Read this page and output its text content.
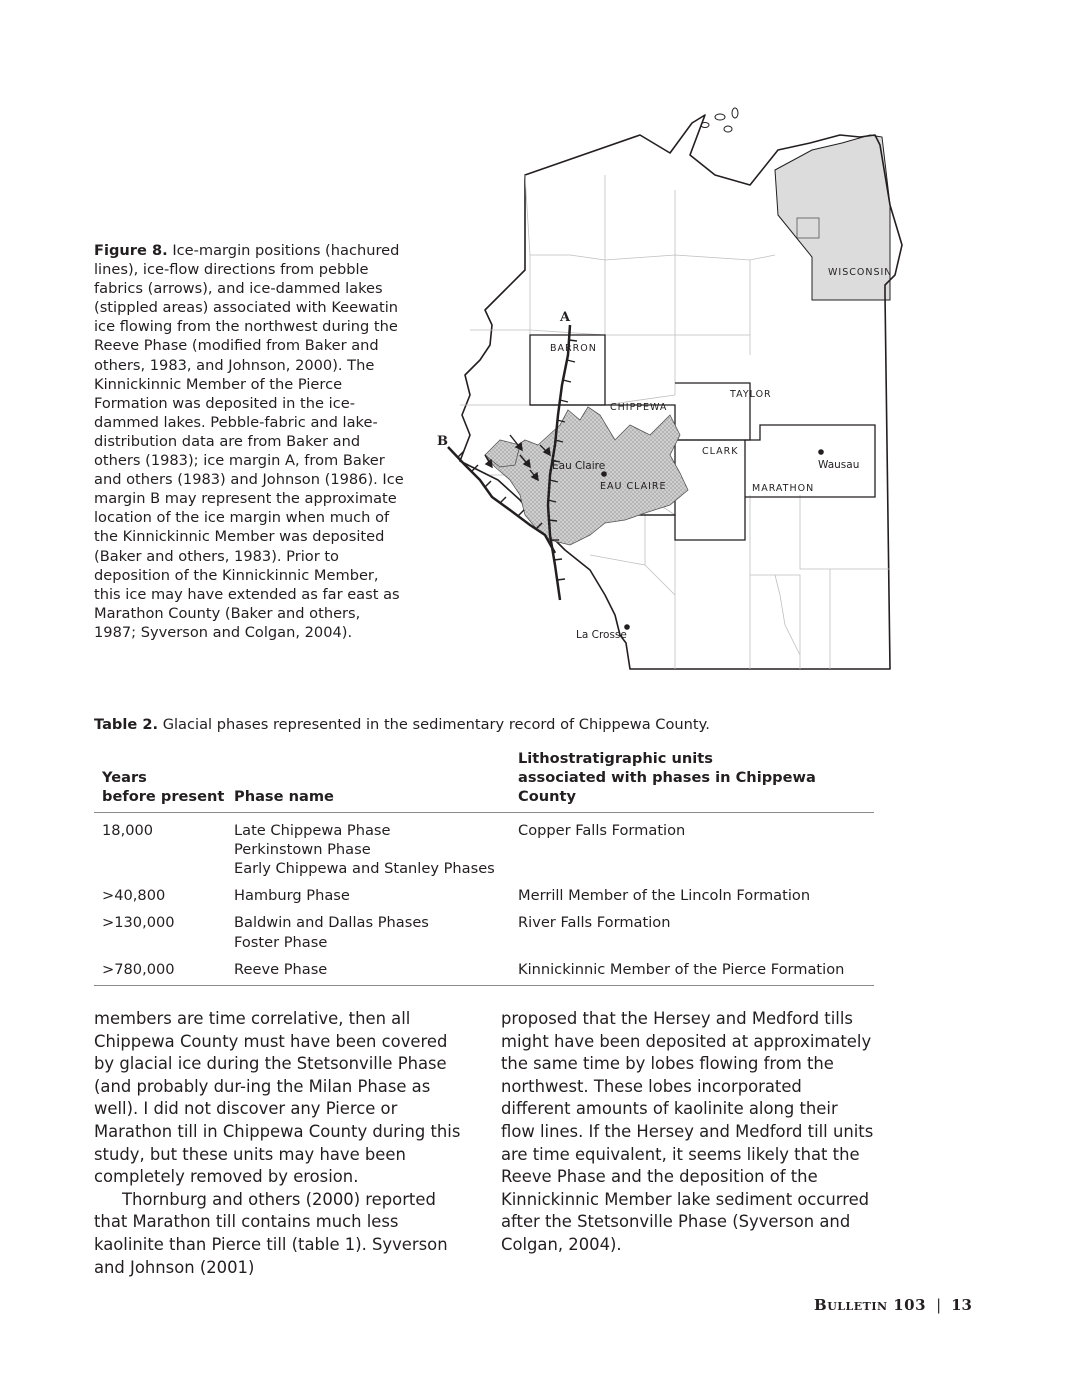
Figure 8. Ice-margin positions (hachured lines), ice-flow directions from pebble fabrics (arrows), and ice-dammed lakes (stippled areas) associated with Keewatin ice flowing from the northwest during the Reeve Phase (modified from Baker and others, 1983, and Johnson, 2000). The Kinnickinnic Member of the Pierce Formation was deposited in the ice-dammed lakes. Pebble-fabric and lake-distribution data are from Baker and others (1983); ice margin A, from Baker and others (1983) and Johnson (1986). Ice margin B may represent the approximate location of the ice margin when much of the Kinnickinnic Member was deposited (Baker and others, 1983). Prior to deposition of the Kinnickinnic Member, this ice may have extended as far east as Marathon County (Baker and others, 1987; Syverson and Colgan, 2004).
WISCONSIN
BARRON
CHIPPEWA
TAYLOR
CLARK
EAU CLAIRE	MARATHON
Eau Claire	Wausau
La Crosse
A
B
Table 2. Glacial phases represented in the sedimentary record of Chippewa County.
Years
before present	Phase name	Lithostratigraphic units
associated with phases in Chippewa County
18,000	Late Chippewa Phase
Perkinstown Phase
Early Chippewa and Stanley Phases	Copper Falls Formation
>40,800	Hamburg Phase	Merrill Member of the Lincoln Formation
>130,000	Baldwin and Dallas Phases
Foster Phase	River Falls Formation
>780,000	Reeve Phase	Kinnickinnic Member of the Pierce Formation

members are time correlative, then all Chippewa County must have been covered by glacial ice during the Stetsonville Phase (and probably dur-ing the Milan Phase as well). I did not discover any Pierce or Marathon till in Chippewa County during this study, but these units may have been completely removed by erosion.

Thornburg and others (2000) reported that Marathon till contains much less kaolinite than Pierce till (table 1). Syverson and Johnson (2001)

proposed that the Hersey and Medford tills might have been deposited at approximately the same time by lobes flowing from the northwest. These lobes incorporated different amounts of kaolinite along their flow lines. If the Hersey and Medford till units are time equivalent, it seems likely that the Reeve Phase and the deposition of the Kinnickinnic Member lake sediment occurred after the Stetsonville Phase (Syverson and Colgan, 2004).

Bulletin 103 | 13
